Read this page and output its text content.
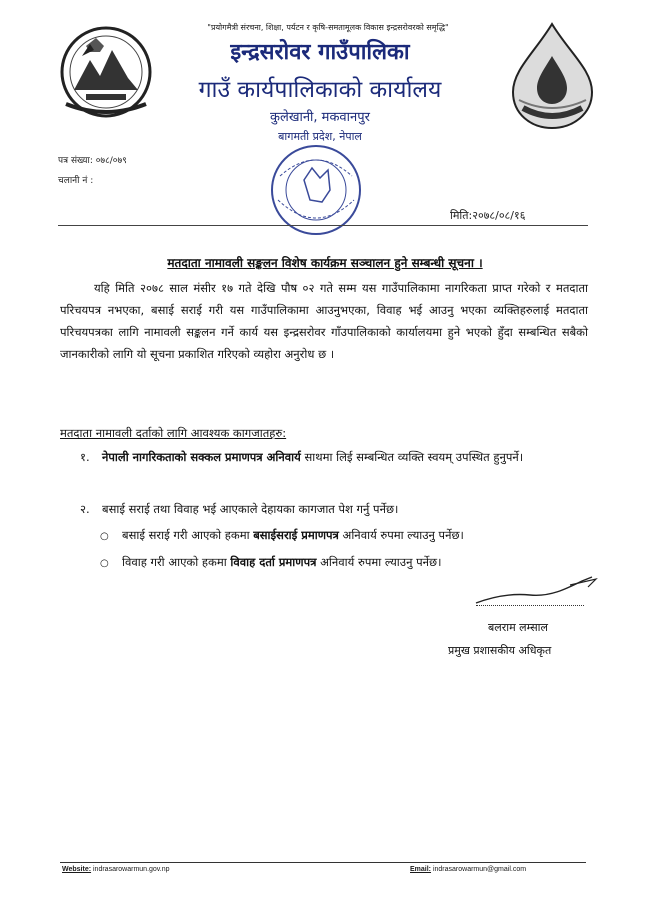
"प्रयोगमैत्री संरचना, शिक्षा, पर्यटन र कृषि-समतामूलक विकास इन्द्रसरोवरको समृद्धि"
इन्द्रसरोवर गाउँपालिका
गाउँ कार्यपालिकाको कार्यालय
कुलेखानी, मकवानपुर
बागमती प्रदेश, नेपाल
पत्र संख्या: ०७८/०७९
चलानी नं :
मिति:२०७८/०८/१६
मतदाता नामावली सङ्कलन विशेष कार्यक्रम सञ्चालन हुने सम्बन्धी सूचना ।
यहि मिति २०७८ साल मंसीर १७ गते देखि पौष ०२ गते सम्म यस गाउँपालिकामा नागरिकता प्राप्त गरेको र मतदाता परिचयपत्र नभएका, बसाई सराई गरी यस गाउँपालिकामा आउनुभएका, विवाह भई आउनु भएका व्यक्तिहरुलाई मतदाता परिचयपत्रका लागि नामावली सङ्कलन गर्ने कार्य यस इन्द्रसरोवर गाँउपालिकाको कार्यालयमा हुने भएको हुँदा सम्बन्धित सबैको जानकारीको लागि यो सूचना प्रकाशित गरिएको व्यहोरा अनुरोध छ ।
मतदाता नामावली दर्ताको लागि आवश्यक कागजातहरु:
१. नेपाली नागरिकताको सक्कल प्रमाणपत्र अनिवार्य साथमा लिई सम्बन्धित व्यक्ति स्वयम् उपस्थित हुनुपर्ने।
२. बसाई सराई तथा विवाह भई आएकाले देहायका कागजात पेश गर्नु पर्नेछ।
○ बसाई सराई गरी आएको हकमा बसाईसराई प्रमाणपत्र अनिवार्य रुपमा ल्याउनु पर्नेछ।
○ विवाह गरी आएको हकमा विवाह दर्ता प्रमाणपत्र अनिवार्य रुपमा ल्याउनु पर्नेछ।
बलराम लम्साल
प्रमुख प्रशासकीय अधिकृत
Website: indrasarowarmun.gov.np	Email: indrasarowarmun@gmail.com
